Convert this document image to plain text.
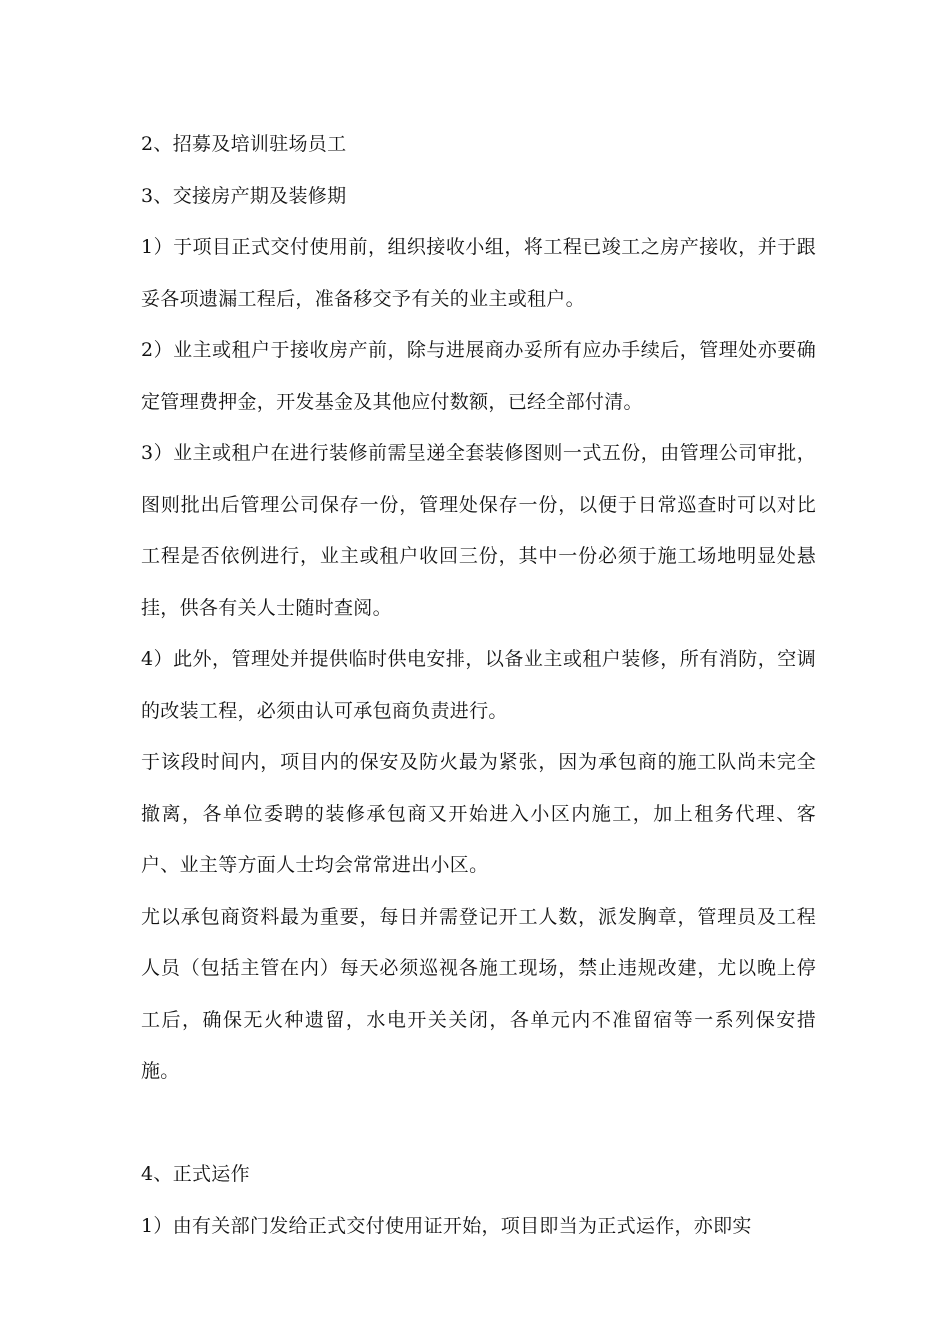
2、招募及培训驻场员工

3、交接房产期及装修期

1）于项目正式交付使用前，组织接收小组，将工程已竣工之房产接收，并于跟妥各项遗漏工程后，准备移交予有关的业主或租户。

2）业主或租户于接收房产前，除与进展商办妥所有应办手续后，管理处亦要确定管理费押金，开发基金及其他应付数额，已经全部付清。

3）业主或租户在进行装修前需呈递全套装修图则一式五份，由管理公司审批，图则批出后管理公司保存一份，管理处保存一份，以便于日常巡查时可以对比工程是否依例进行，业主或租户收回三份，其中一份必须于施工场地明显处悬挂，供各有关人士随时查阅。

4）此外，管理处并提供临时供电安排，以备业主或租户装修，所有消防，空调的改装工程，必须由认可承包商负责进行。

于该段时间内，项目内的保安及防火最为紧张，因为承包商的施工队尚未完全撤离，各单位委聘的装修承包商又开始进入小区内施工，加上租务代理、客户、业主等方面人士均会常常进出小区。

尤以承包商资料最为重要，每日并需登记开工人数，派发胸章，管理员及工程人员（包括主管在内）每天必须巡视各施工现场，禁止违规改建，尤以晚上停工后，确保无火种遗留，水电开关关闭，各单元内不准留宿等一系列保安措施。

4、正式运作

1）由有关部门发给正式交付使用证开始，项目即当为正式运作，亦即实
